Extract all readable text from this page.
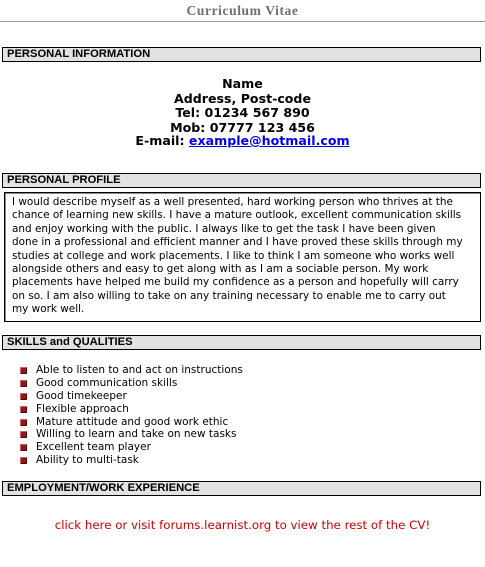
Curriculum Vitae
PERSONAL INFORMATION
Name
Address, Post-code
Tel: 01234 567 890
Mob: 07777 123 456
E-mail: example@hotmail.com
PERSONAL PROFILE
I would describe myself as a well presented, hard working person who thrives at the
chance of learning new skills. I have a mature outlook, excellent communication skills
and enjoy working with the public. I always like to get the task I have been given
done in a professional and efficient manner and I have proved these skills through my
studies at college and work placements. I like to think I am someone who works well
alongside others and easy to get along with as I am a sociable person. My work
placements have helped me build my confidence as a person and hopefully will carry
on so. I am also willing to take on any training necessary to enable me to carry out
my work well.
SKILLS and QUALITIES
Able to listen to and act on instructions
Good communication skills
Good timekeeper
Flexible approach
Mature attitude and good work ethic
Willing to learn and take on new tasks
Excellent team player
Ability to multi-task
EMPLOYMENT/WORK EXPERIENCE
click here or visit forums.learnist.org to view the rest of the CV!
